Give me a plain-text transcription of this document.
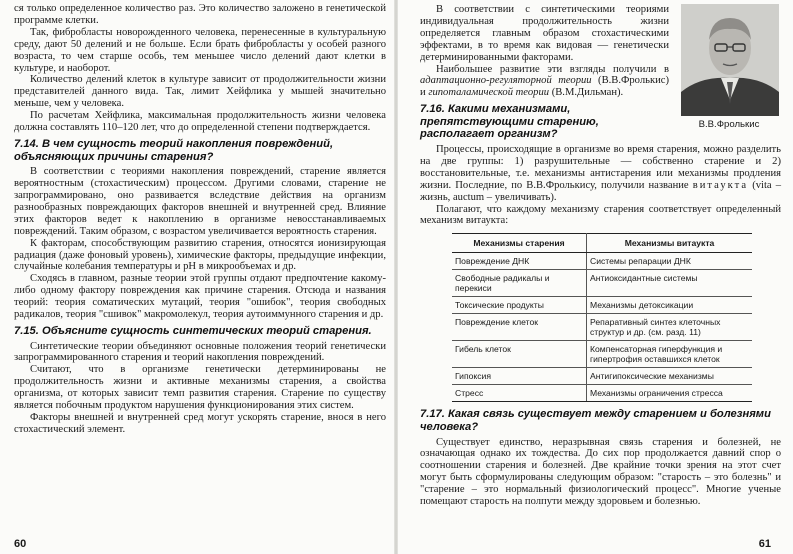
ся только определенное количество раз. Это количество заложено в генетической программе клетки.

Так, фибробласты новорожденного человека, перенесенные в культуральную среду, дают 50 делений и не больше. Если брать фибробласты у особей разного возраста, то чем старше особь, тем меньшее число делений дают клетки в культуре, и наоборот.

Количество делений клеток в культуре зависит от продолжительности жизни представителей данного вида. Так, лимит Хейфлика у мышей значительно меньше, чем у человека.

По расчетам Хейфлика, максимальная продолжительность жизни человека должна составлять 110–120 лет, что до определенной степени подтверждается.

7.14. В чем сущность теорий накопления повреждений, объясняющих причины старения?

В соответствии с теориями накопления повреждений, старение является вероятностным (стохастическим) процессом. Другими словами, старение не запрограммировано, оно развивается вследствие действия на организм разнообразных повреждающих факторов внешней и внутренней сред. Влияние этих факторов ведет к накоплению в организме невосстанавливаемых повреждений. Таким образом, с возрастом увеличивается вероятность старения.

К факторам, способствующим развитию старения, относятся ионизирующая радиация (даже фоновый уровень), химические факторы, предыдущие инфекции, случайные колебания температуры и pH в микрообъемах и др.

Сходясь в главном, разные теории этой группы отдают предпочтение какому-либо одному фактору повреждения как причине старения. Отсюда и названия теорий: теория соматических мутаций, теория "ошибок", теория свободных радикалов, теория "сшивок" макромолекул, теория аутоиммунного старения и др.

7.15. Объясните сущность синтетических теорий старения.

Синтетические теории объединяют основные положения теорий генетически запрограммированного старения и теорий накопления повреждений.

Считают, что в организме генетически детерминированы не продолжительность жизни и активные механизмы старения, а свойства организма, от которых зависит темп развития старения. Старение по существу является побочным продуктом нарушения функционирования этих систем.

Факторы внешней и внутренней сред могут ускорять старение, внося в него стохастический элемент.

60
В.В.Фролькис

В соответствии с синтетическими теориями индивидуальная продолжительность жизни определяется главным образом стохастическими эффектами, в то время как видовая — генетически детерминированными факторами.

Наибольшее развитие эти взгляды получили в адаптационно-регуляторной теории (В.В.Фролькис) и гипоталамической теории (В.М.Дильман).

7.16. Какими механизмами, препятствующими старению, располагает организм?

Процессы, происходящие в организме во время старения, можно разделить на две группы: 1) разрушительные — собственно старение и 2) восстановительные, т.е. механизмы антистарения или механизмы продления жизни. Последние, по В.В.Фролькису, получили название витаукта (vita – жизнь, auctum – увеличивать).

Полагают, что каждому механизму старения соответствует определенный механизм витаукта:

Механизмы старения	Механизмы витаукта
Повреждение ДНК	Системы репарации ДНК
Свободные радикалы и перекиси	Антиоксидантные системы
Токсические продукты	Механизмы детоксикации
Повреждение клеток	Репаративный синтез клеточных структур и др. (см. разд. 11)
Гибель клеток	Компенсаторная гиперфункция и гипертрофия оставшихся клеток
Гипоксия	Антигипоксические механизмы
Стресс	Механизмы ограничения стресса
7.17. Какая связь существует между старением и болезнями человека?

Существует единство, неразрывная связь старения и болезней, не означающая однако их тождества. До сих пор продолжается давний спор о соотношении старения и болезней. Две крайние точки зрения на этот счет могут быть сформулированы следующим образом: "старость – это болезнь" и "старение – это нормальный физиологический процесс". Многие ученые помещают старость на полпути между здоровьем и болезнью.

61
